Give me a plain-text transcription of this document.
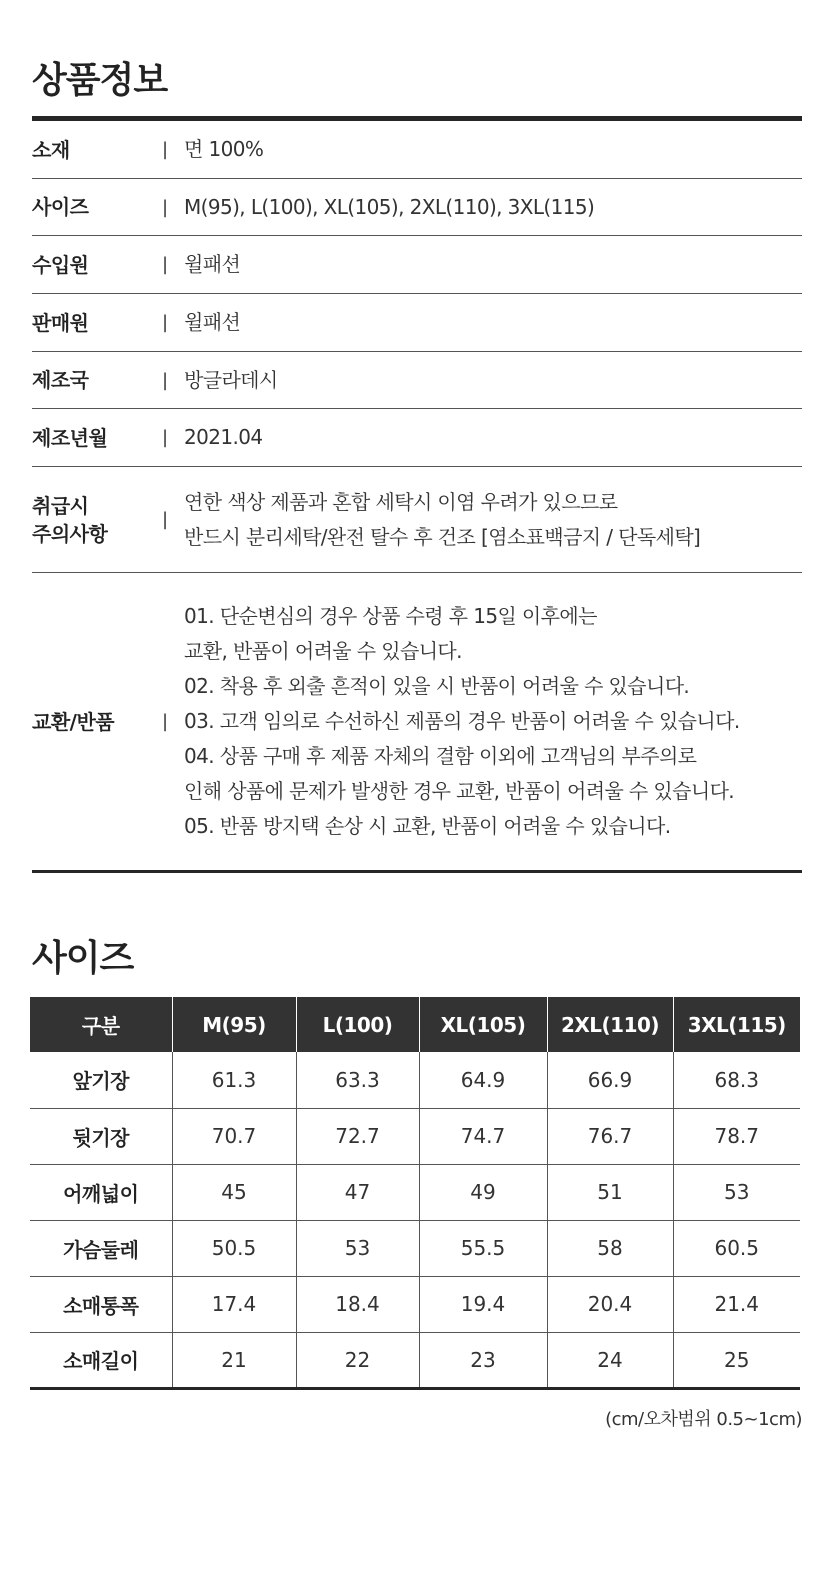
상품정보
소재	| 면 100%
사이즈	| M(95), L(100), XL(105), 2XL(110), 3XL(115)
수입원	| 윌패션
판매원	| 윌패션
제조국	| 방글라데시
제조년월	| 2021.04
취급시
주의사항
|
연한 색상 제품과 혼합 세탁시 이염 우려가 있으므로
반드시 분리세탁/완전 탈수 후 건조 [염소표백금지 / 단독세탁]
교환/반품	|
01. 단순변심의 경우 상품 수령 후 15일 이후에는
교환, 반품이 어려울 수 있습니다.
02. 착용 후 외출 흔적이 있을 시 반품이 어려울 수 있습니다.
03. 고객 임의로 수선하신 제품의 경우 반품이 어려울 수 있습니다.
04. 상품 구매 후 제품 자체의 결함 이외에 고객님의 부주의로
인해 상품에 문제가 발생한 경우 교환, 반품이 어려울 수 있습니다.
05. 반품 방지택 손상 시 교환, 반품이 어려울 수 있습니다.
사이즈
구분	M(95)	L(100)	XL(105)	2XL(110)	3XL(115)
앞기장	61.3	63.3	64.9	66.9	68.3
뒷기장	70.7	72.7	74.7	76.7	78.7
어깨넓이	45	47	49	51	53
가슴둘레	50.5	53	55.5	58	60.5
소매통폭	17.4	18.4	19.4	20.4	21.4
소매길이	21	22	23	24	25
(cm/오차범위 0.5~1cm)
